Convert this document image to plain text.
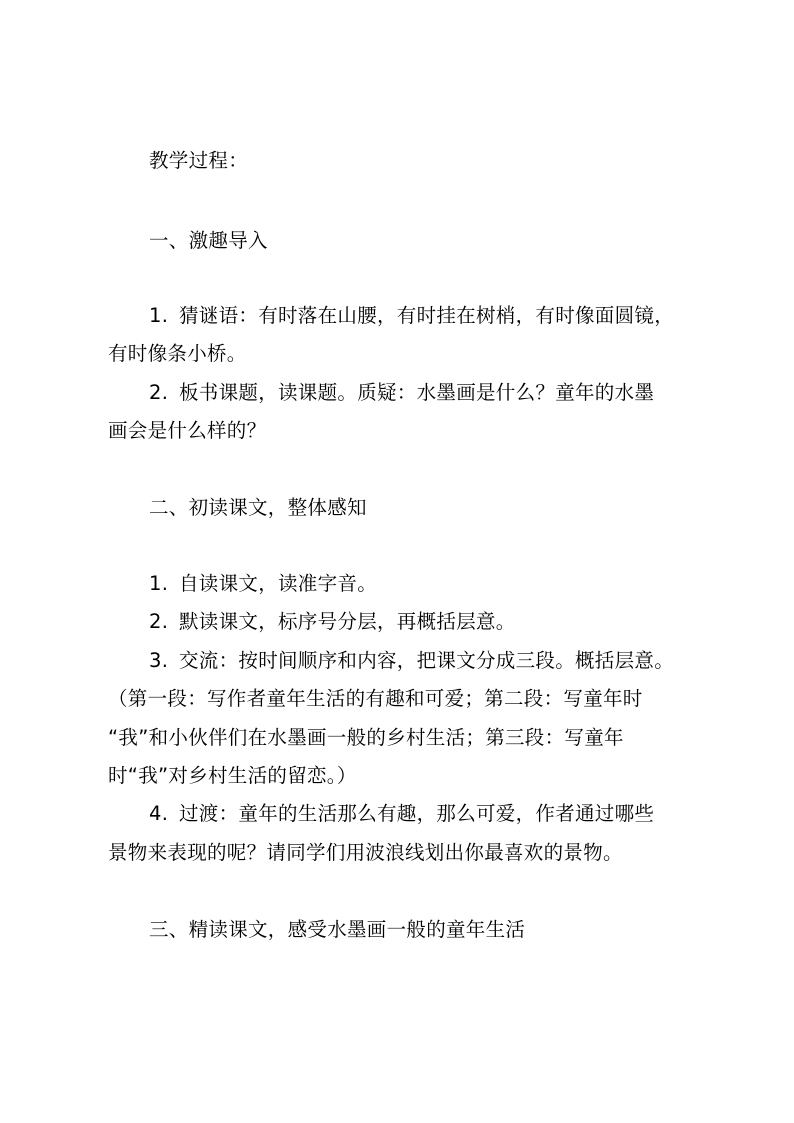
教学过程：
一、激趣导入
1. 猜谜语：有时落在山腰，有时挂在树梢，有时像面圆镜，
有时像条小桥。
2. 板书课题，读课题。质疑：水墨画是什么？童年的水墨
画会是什么样的？
二、初读课文，整体感知
1. 自读课文，读准字音。
2. 默读课文，标序号分层，再概括层意。
3. 交流：按时间顺序和内容，把课文分成三段。概括层意。
（第一段：写作者童年生活的有趣和可爱；第二段：写童年时
“我”和小伙伴们在水墨画一般的乡村生活；第三段：写童年
时“我”对乡村生活的留恋。）
4. 过渡：童年的生活那么有趣，那么可爱，作者通过哪些
景物来表现的呢？请同学们用波浪线划出你最喜欢的景物。
三、精读课文，感受水墨画一般的童年生活
